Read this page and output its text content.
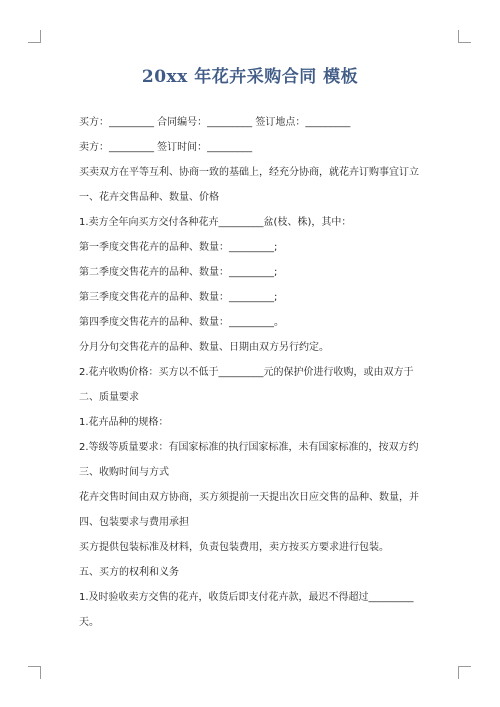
20xx 年花卉采购合同 模板
买方：_________ 合同编号：_________ 签订地点：_________
卖方：_________ 签订时间：_________
买卖双方在平等互利、协商一致的基础上，经充分协商，就花卉订购事宜订立
一、花卉交售品种、数量、价格
1.卖方全年向买方交付各种花卉_________盆(枝、株)，其中：
第一季度交售花卉的品种、数量：_________;
第二季度交售花卉的品种、数量：_________;
第三季度交售花卉的品种、数量：_________;
第四季度交售花卉的品种、数量：_________。
分月分旬交售花卉的品种、数量、日期由双方另行约定。
2.花卉收购价格：买方以不低于_________元的保护价进行收购，或由双方于
二、质量要求
1.花卉品种的规格：
2.等级等质量要求：有国家标准的执行国家标准，未有国家标准的，按双方约
三、收购时间与方式
花卉交售时间由双方协商，买方须提前一天提出次日应交售的品种、数量，并
四、包装要求与费用承担
买方提供包装标准及材料，负责包装费用，卖方按买方要求进行包装。
五、买方的权利和义务
1.及时验收卖方交售的花卉，收货后即支付花卉款，最迟不得超过_________
天。
